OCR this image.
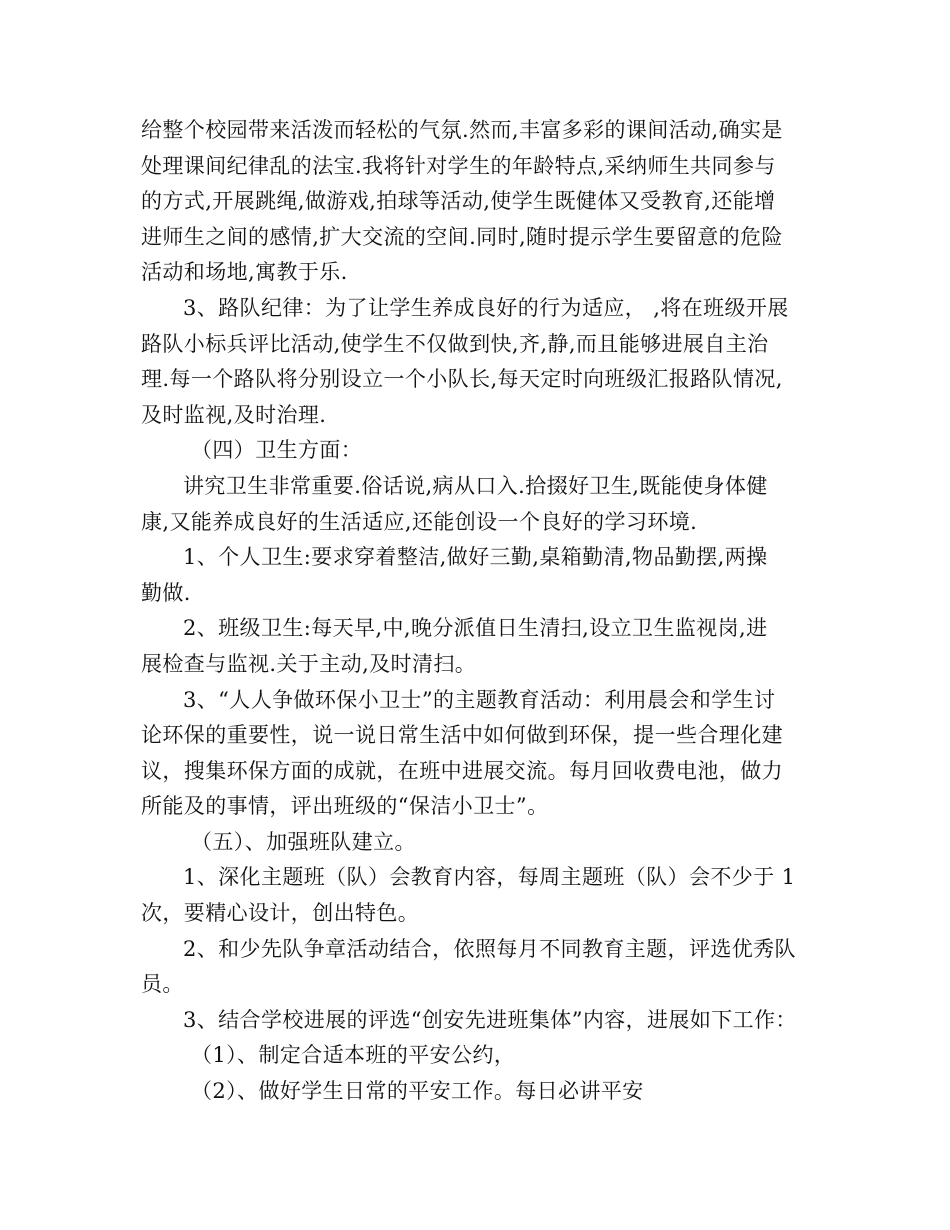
给整个校园带来活泼而轻松的气氛.然而,丰富多彩的课间活动,确实是
处理课间纪律乱的法宝.我将针对学生的年龄特点,采纳师生共同参与
的方式,开展跳绳,做游戏,拍球等活动,使学生既健体又受教育,还能增
进师生之间的感情,扩大交流的空间.同时,随时提示学生要留意的危险
活动和场地,寓教于乐.

3、路队纪律：为了让学生养成良好的行为适应， ,将在班级开展
路队小标兵评比活动,使学生不仅做到快,齐,静,而且能够进展自主治
理.每一个路队将分别设立一个小队长,每天定时向班级汇报路队情况,
及时监视,及时治理.

（四）卫生方面：

讲究卫生非常重要.俗话说,病从口入.拾掇好卫生,既能使身体健
康,又能养成良好的生活适应,还能创设一个良好的学习环境.

1、个人卫生:要求穿着整洁,做好三勤,桌箱勤清,物品勤摆,两操
勤做.

2、班级卫生:每天早,中,晚分派值日生清扫,设立卫生监视岗,进
展检查与监视.关于主动,及时清扫。

3、“人人争做环保小卫士”的主题教育活动：利用晨会和学生讨
论环保的重要性，说一说日常生活中如何做到环保，提一些合理化建
议，搜集环保方面的成就，在班中进展交流。每月回收费电池，做力
所能及的事情，评出班级的“保洁小卫士”。

（五）、加强班队建立。

1、深化主题班（队）会教育内容，每周主题班（队）会不少于 1
次，要精心设计，创出特色。

2、和少先队争章活动结合，依照每月不同教育主题，评选优秀队
员。

3、结合学校进展的评选“创安先进班集体”内容，进展如下工作：

（1）、制定合适本班的平安公约，

（2）、做好学生日常的平安工作。每日必讲平安
